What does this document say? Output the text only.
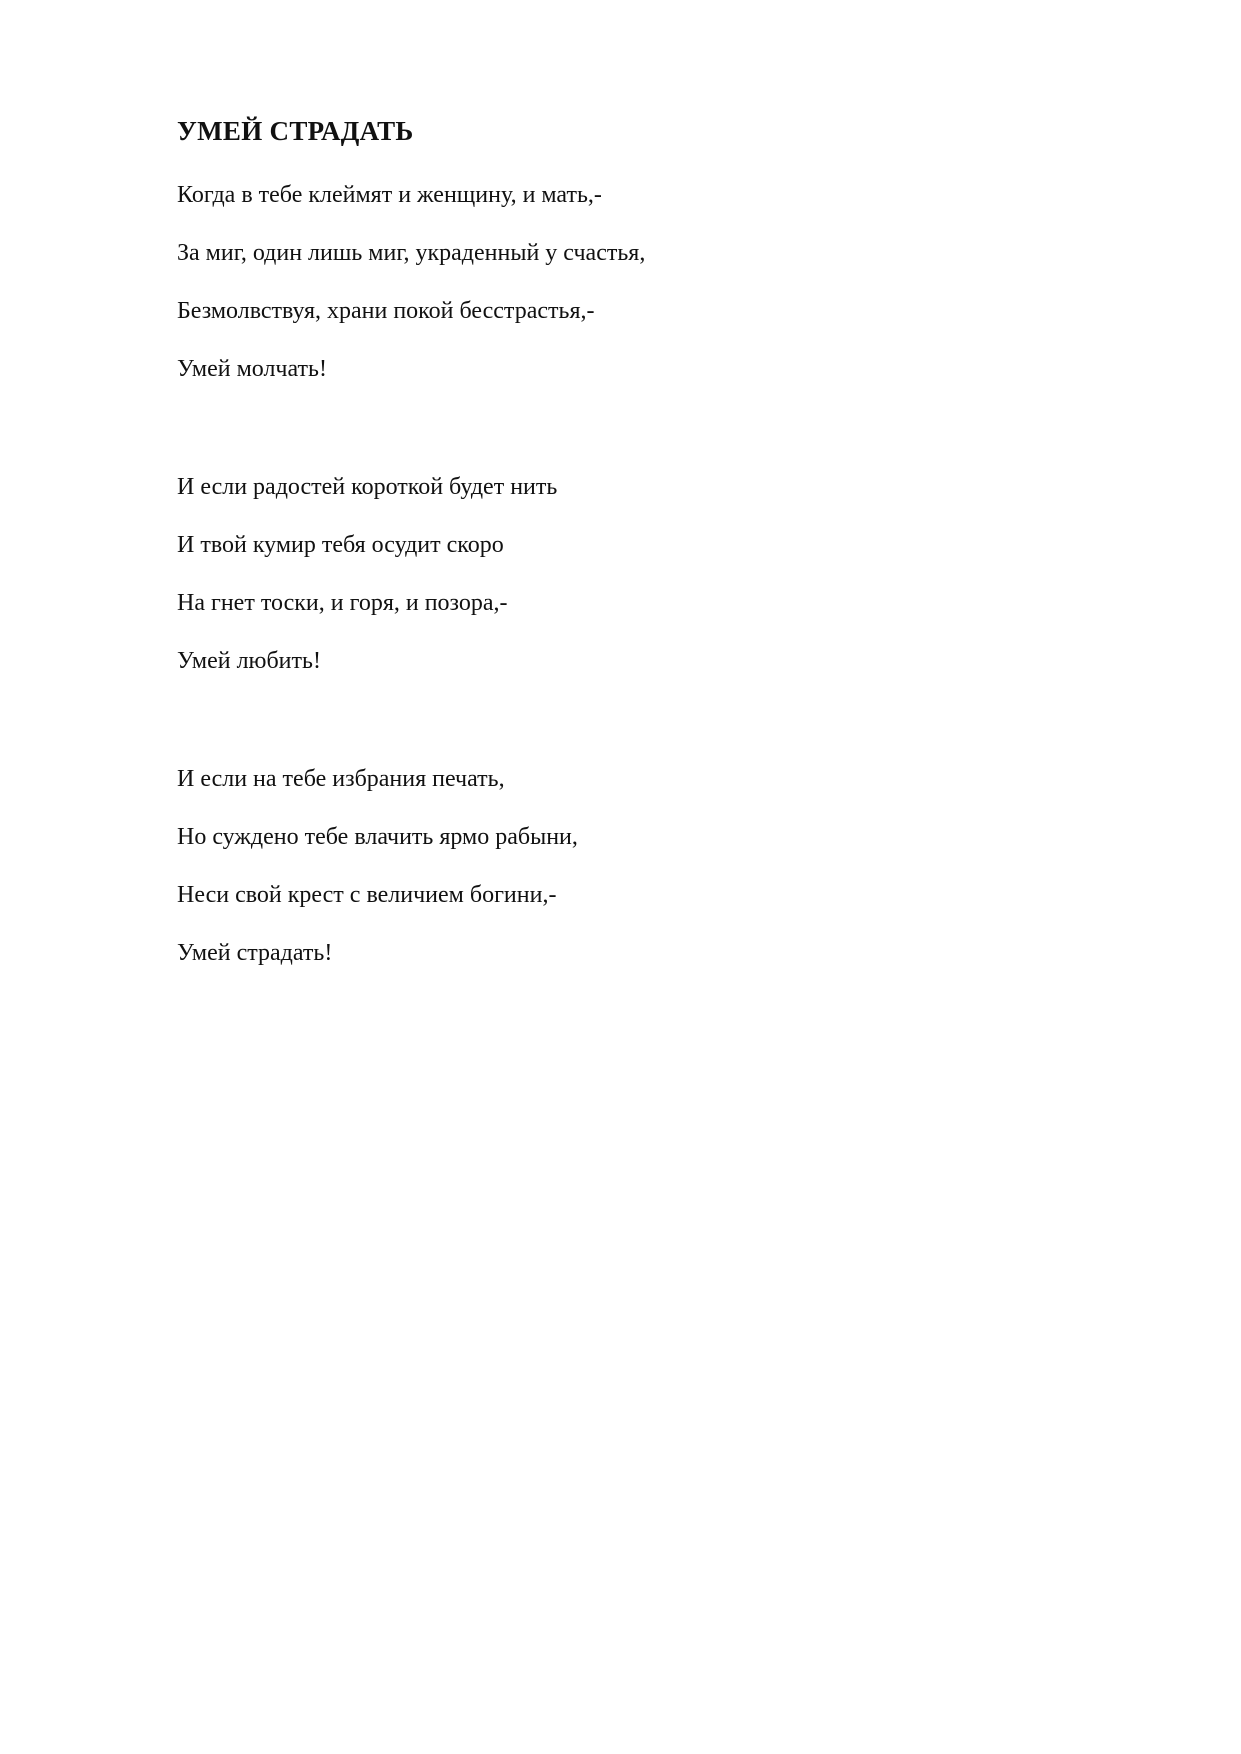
УМЕЙ СТРАДАТЬ
Когда в тебе клеймят и женщину, и мать,-
За миг, один лишь миг, украденный у счастья,
Безмолвствуя, храни покой бесстрастья,-
Умей молчать!
И если радостей короткой будет нить
И твой кумир тебя осудит скоро
На гнет тоски, и горя, и позора,-
Умей любить!
И если на тебе избрания печать,
Но суждено тебе влачить ярмо рабыни,
Неси свой крест с величием богини,-
Умей страдать!
